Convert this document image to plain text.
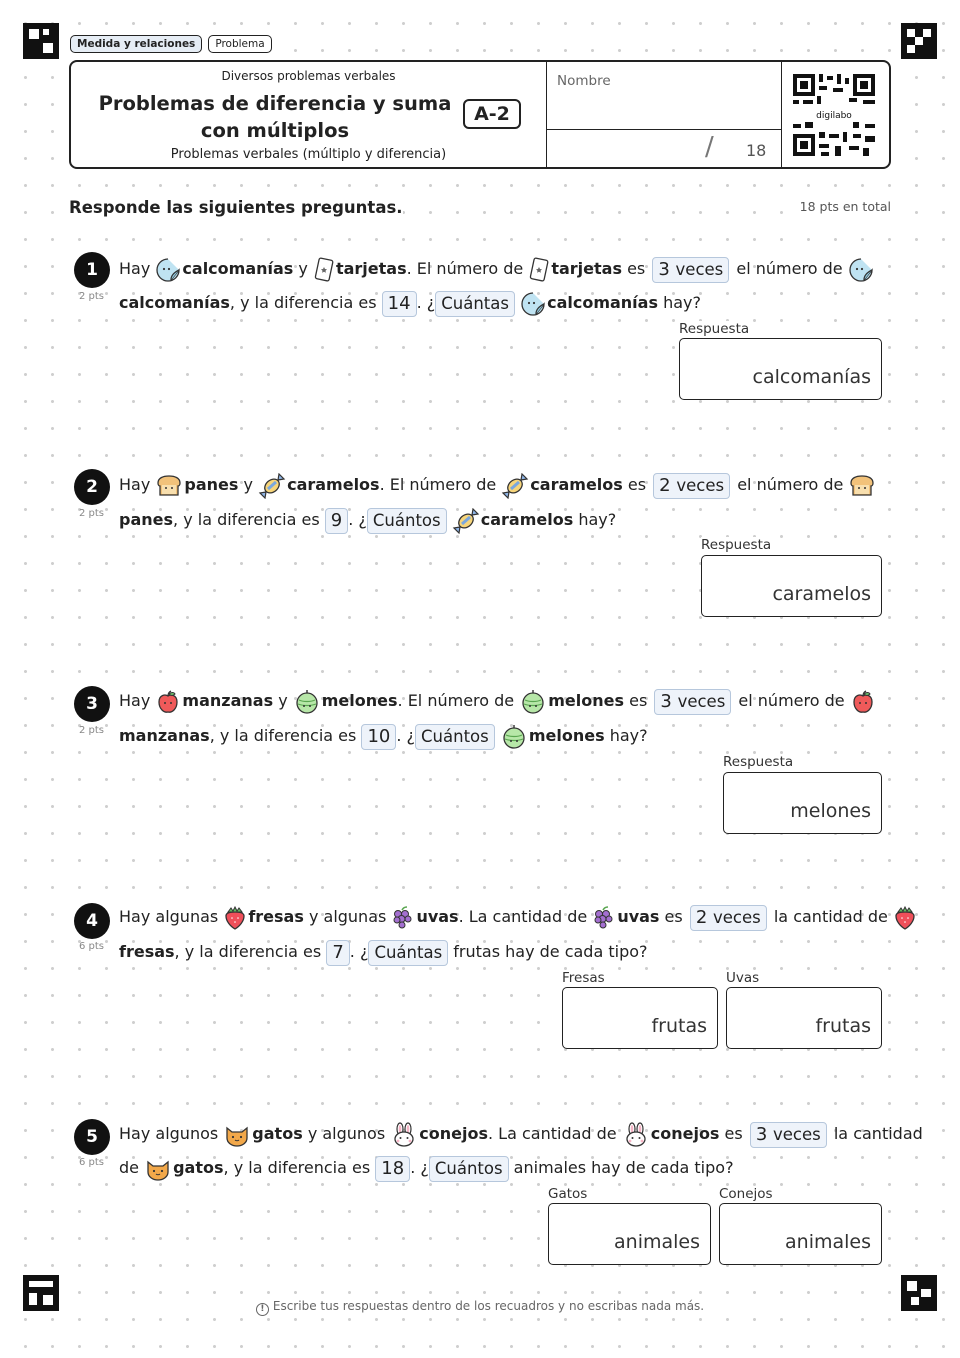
Medida y relaciones	Problema
Diversos problemas verbales
Problemas de diferencia y suma
con múltiplos
A-2
Problemas verbales (múltiplo y diferencia)
Nombre
/ 18
digilabo
Responde las siguientes preguntas.	18 pts en total
1
2 pts
Hay calcomanías y tarjetas. El número de tarjetas es 3 veces el número de
calcomanías, y la diferencia es 14 . ¿ Cuántas calcomanías hay?
Respuesta
calcomanías
2
2 pts
Hay panes y caramelos. El número de caramelos es 2 veces el número de
panes, y la diferencia es 9 . ¿ Cuántos	caramelos hay?
Respuesta
caramelos
3
2 pts
Hay manzanas y melones. El número de melones es 3 veces el número de
manzanas, y la diferencia es 10 . ¿ Cuántos	melones hay?
Respuesta
melones
4
6 pts
Hay algunas fresas y algunas uvas. La cantidad de uvas es 2 veces la cantidad de
fresas, y la diferencia es 7 . ¿ Cuántas frutas hay de cada tipo?
Fresas
frutas
Uvas
frutas
5
6 pts
Hay algunos gatos y algunos conejos. La cantidad de conejos es 3 veces la cantidad
de gatos, y la diferencia es 18 . ¿ Cuántos animales hay de cada tipo?
Gatos
animales
Conejos
animales
! Escribe tus respuestas dentro de los recuadros y no escribas nada más.
